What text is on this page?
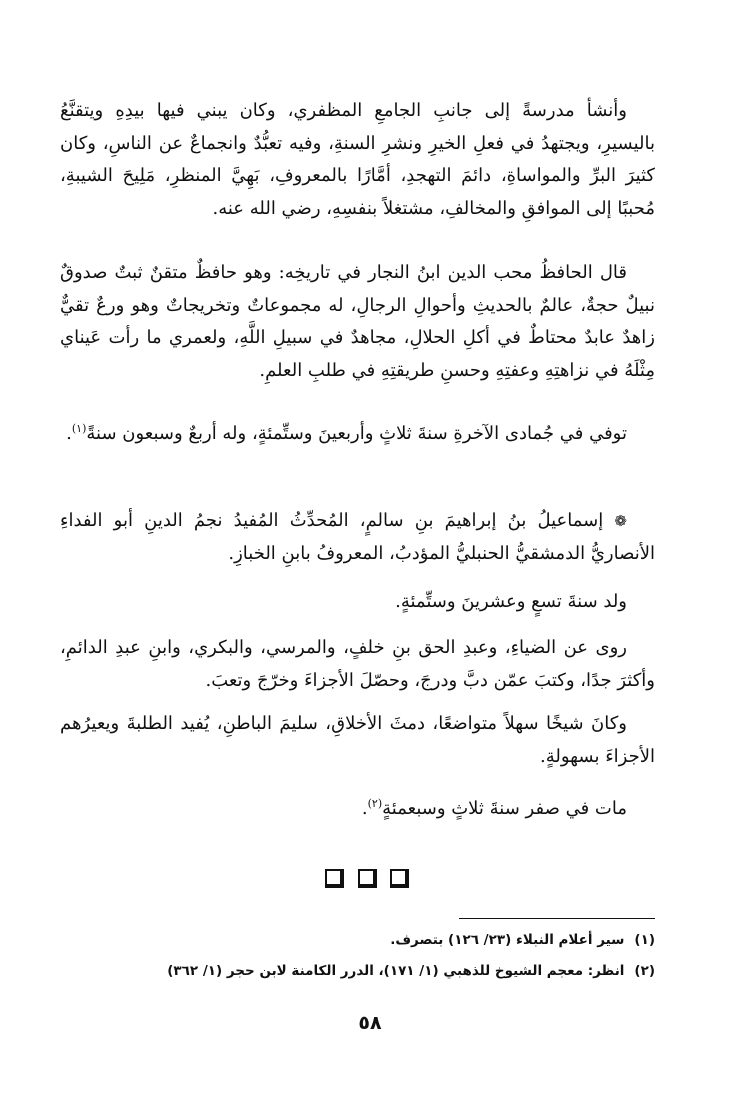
وأنشأ مدرسةً إلى جانبِ الجامعِ المظفري، وكان يبني فيها بيدِهِ ويتقنَّعُ باليسيرِ، ويجتهدُ في فعلِ الخيرِ ونشرِ السنةِ، وفيه تعبُّدٌ وانجماعٌ عن الناسِ، وكان كثيرَ البرِّ والمواساةِ، دائمَ التهجدِ، أمَّارًا بالمعروفِ، بَهِيَّ المنظرِ، مَلِيحَ الشيبةِ، مُحببًا إلى الموافقِ والمخالفِ، مشتغلاً بنفسِهِ، رضي الله عنه.

قال الحافظُ محب الدين ابنُ النجار في تاريخِه: وهو حافظٌ متقنٌ ثبتٌ صدوقٌ نبيلٌ حجةٌ، عالمٌ بالحديثِ وأحوالِ الرجالِ، له مجموعاتٌ وتخريجاتٌ وهو ورعٌ تقيٌّ زاهدٌ عابدٌ محتاطٌ في أكلِ الحلالِ، مجاهدٌ في سبيلِ اللَّهِ، ولعمري ما رأت عَيناي مِثْلَهُ في نزاهتِهِ وعفتِهِ وحسنِ طريقتِهِ في طلبِ العلمِ.

توفي في جُمادى الآخرةِ سنةَ ثلاثٍ وأربعينَ وستِّمئةٍ، وله أربعٌ وسبعون سنةً$^{(١)}$.

❁ إسماعيلُ بنُ إبراهيمَ بنِ سالمٍ، المُحدِّثُ المُفيدُ نجمُ الدينِ أبو الفداءِ الأنصاريُّ الدمشقيُّ الحنبليُّ المؤدبُ، المعروفُ بابنِ الخبازِ.

ولد سنةَ تسعٍ وعشرينَ وستِّمئةٍ.

روى عن الضياءِ، وعبدِ الحق بنِ خلفٍ، والمرسي، والبكري، وابنِ عبدِ الدائمِ، وأكثرَ جدًا، وكتبَ عمّن دبَّ ودرجَ، وحصّلَ الأجزاءَ وخرّجَ وتعبَ.

وكانَ شيخًا سهلاً متواضعًا، دمثَ الأخلاقِ، سليمَ الباطنِ، يُفيد الطلبةَ ويعيرُهم الأجزاءَ بسهولةٍ.

مات في صفر سنةَ ثلاثٍ وسبعمئةٍ$^{(٢)}$.

(١)سير أعلام النبلاء (٢٣/ ١٢٦) بتصرف.

(٢)انظر: معجم الشيوخ للذهبي (١/ ١٧١)، الدرر الكامنة لابن حجر (١/ ٣٦٢)

٥٨
